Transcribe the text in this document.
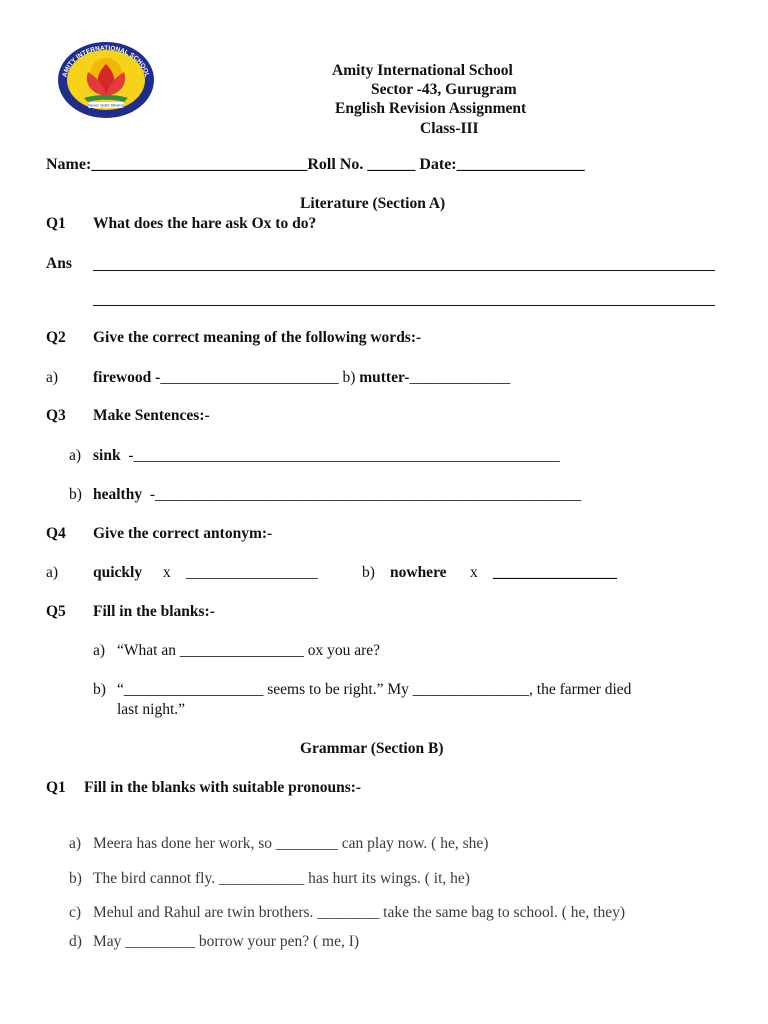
Never Quits Striving
AMITY INTERNATIONAL SCHOOL	Amity International School
Sector -43, Gurugram
English Revision Assignment
Class-III
Name:___________________________Roll No. ______ Date:________________
Literature (Section A)
Q1 What does the hare ask Ox to do?
Ans
Q2 Give the correct meaning of the following words:-
a) firewood -_______________________ b) mutter-_____________
Q3 Make Sentences:-
a) sink -_______________________________________________________
b) healthy -_______________________________________________________
Q4 Give the correct antonym:-
a) quickly x _________________	b) nowhere x ________________
Q5 Fill in the blanks:-
a) “What an ________________ ox you are?
b) “__________________ seems to be right.” My _______________, the farmer died
last night.”
Grammar (Section B)
Q1 Fill in the blanks with suitable pronouns:-
a) Meera has done her work, so ________ can play now. ( he, she)
b) The bird cannot fly. ___________ has hurt its wings. ( it, he)
c) Mehul and Rahul are twin brothers. ________ take the same bag to school. ( he, they)
d) May _________ borrow your pen? ( me, I)
